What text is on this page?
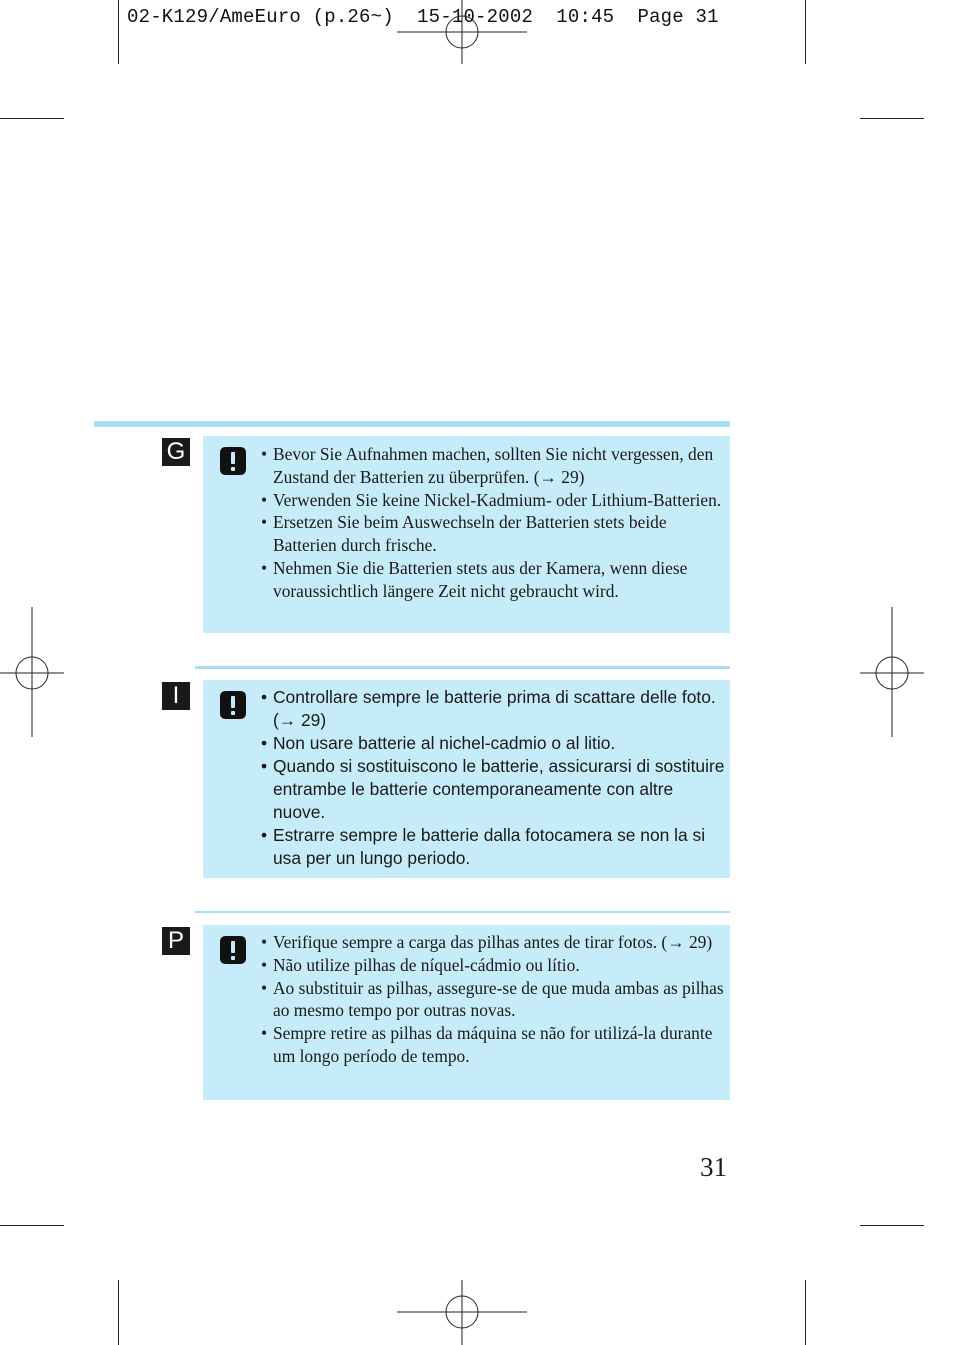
02-K129/AmeEuro (p.26~)  15-10-2002  10:45  Page 31
G	• Bevor Sie Aufnahmen machen, sollten Sie nicht vergessen, den Zustand der Batterien zu überprüfen. (→ 29)
• Verwenden Sie keine Nickel-Kadmium- oder Lithium-Batterien.
• Ersetzen Sie beim Auswechseln der Batterien stets beide Batterien durch frische.
• Nehmen Sie die Batterien stets aus der Kamera, wenn diese voraussichtlich längere Zeit nicht gebraucht wird.
I	• Controllare sempre le batterie prima di scattare delle foto. (→ 29)
• Non usare batterie al nichel-cadmio o al litio.
• Quando si sostituiscono le batterie, assicurarsi di sostituire entrambe le batterie contemporaneamente con altre nuove.
• Estrarre sempre le batterie dalla fotocamera se non la si usa per un lungo periodo.
P	• Verifique sempre a carga das pilhas antes de tirar fotos. (→ 29)
• Não utilize pilhas de níquel-cádmio ou lítio.
• Ao substituir as pilhas, assegure-se de que muda ambas as pilhas ao mesmo tempo por outras novas.
• Sempre retire as pilhas da máquina se não for utilizá-la durante um longo período de tempo.
31
